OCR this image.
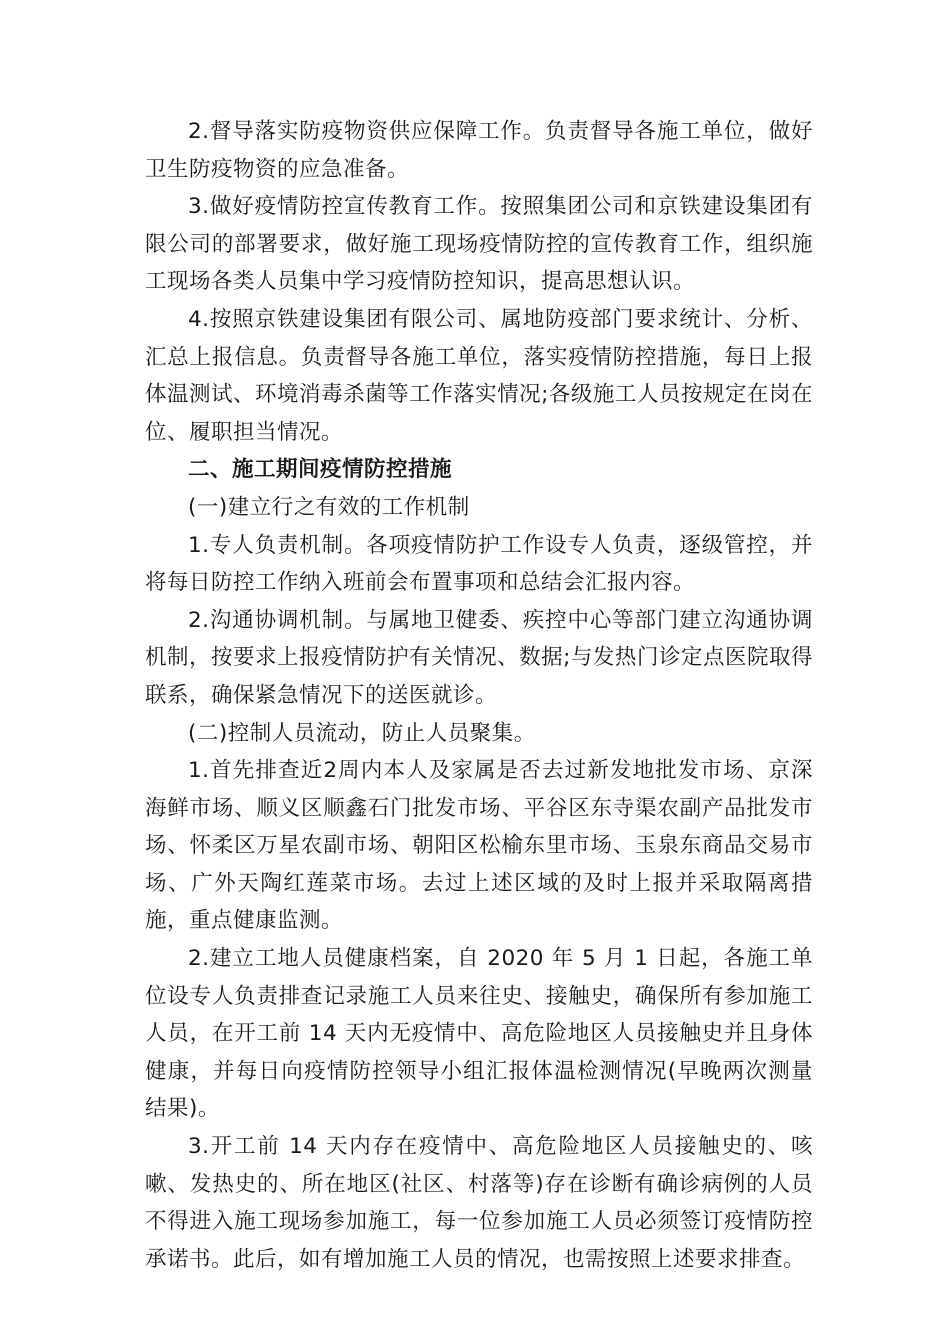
2.督导落实防疫物资供应保障工作。负责督导各施工单位，做好卫生防疫物资的应急准备。

3.做好疫情防控宣传教育工作。按照集团公司和京铁建设集团有限公司的部署要求，做好施工现场疫情防控的宣传教育工作，组织施工现场各类人员集中学习疫情防控知识，提高思想认识。

4.按照京铁建设集团有限公司、属地防疫部门要求统计、分析、汇总上报信息。负责督导各施工单位，落实疫情防控措施，每日上报体温测试、环境消毒杀菌等工作落实情况;各级施工人员按规定在岗在位、履职担当情况。

二、施工期间疫情防控措施

(一)建立行之有效的工作机制

1.专人负责机制。各项疫情防护工作设专人负责，逐级管控，并将每日防控工作纳入班前会布置事项和总结会汇报内容。

2.沟通协调机制。与属地卫健委、疾控中心等部门建立沟通协调机制，按要求上报疫情防护有关情况、数据;与发热门诊定点医院取得联系，确保紧急情况下的送医就诊。

(二)控制人员流动，防止人员聚集。

1.首先排查近2周内本人及家属是否去过新发地批发市场、京深海鲜市场、顺义区顺鑫石门批发市场、平谷区东寺渠农副产品批发市场、怀柔区万星农副市场、朝阳区松榆东里市场、玉泉东商品交易市场、广外天陶红莲菜市场。去过上述区域的及时上报并采取隔离措施，重点健康监测。

2.建立工地人员健康档案，自 2020 年 5 月 1 日起，各施工单位设专人负责排查记录施工人员来往史、接触史，确保所有参加施工人员，在开工前 14 天内无疫情中、高危险地区人员接触史并且身体健康，并每日向疫情防控领导小组汇报体温检测情况(早晚两次测量结果)。

3.开工前 14 天内存在疫情中、高危险地区人员接触史的、咳嗽、发热史的、所在地区(社区、村落等)存在诊断有确诊病例的人员不得进入施工现场参加施工，每一位参加施工人员必须签订疫情防控承诺书。此后，如有增加施工人员的情况，也需按照上述要求排查。
